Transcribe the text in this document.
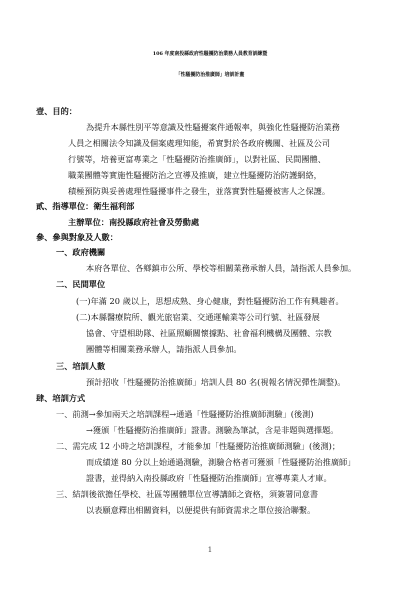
106 年度南投縣政府性騷擾防治業務人員教育訓練暨
「性騷擾防治推廣師」培訓計畫
壹、目的：
為提升本縣性別平等意識及性騷擾案件通報率，與強化性騷擾防治業務
人員之相關法令知識及個案處理知能，希實對於各政府機關、社區及公司
行號等，培養更富專業之「性騷擾防治推廣師」，以對社區、民間團體、
職業團體等實施性騷擾防治之宣導及推廣，建立性騷擾防治防護網絡，
積極預防與妥善處理性騷擾事件之發生，並落實對性騷擾被害人之保護。
貳、指導單位：衛生福利部
主辦單位：南投縣政府社會及勞動處
參、參與對象及人數：
一、政府機關
本府各單位、各鄉鎮市公所、學校等相關業務承辦人員，請指派人員參加。
二、民間單位
(一)年滿 20 歲以上，思想成熟、身心健康，對性騷擾防治工作有興趣者。
(二)本縣醫療院所、觀光旅宿業、交通運輸業等公司行號、社區發展
協會、守望相助隊、社區照顧關懷據點、社會福利機構及團體、宗教
團體等相關業務承辦人，請指派人員參加。
三、培訓人數
預計招收「性騷擾防治推廣師」培訓人員 80 名(視報名情況彈性調整)。
肆、培訓方式
一、前測→參加兩天之培訓課程→通過「性騷擾防治推廣師測驗」(後測)
→獲頒「性騷擾防治推廣師」證書。測驗為筆試，含是非題與選擇題。
二、需完成 12 小時之培訓課程，才能參加「性騷擾防治推廣師測驗」(後測)；
而成績達 80 分以上始通過測驗，測驗合格者可獲頒「性騷擾防治推廣師」
證書，並得納入南投縣政府「性騷擾防治推廣師」宣導專業人才庫。
三、結訓後欲擔任學校、社區等團體單位宣導講師之資格，須簽署同意書
以表願意釋出相關資料，以便提供有師資需求之單位接洽聯繫。
1
